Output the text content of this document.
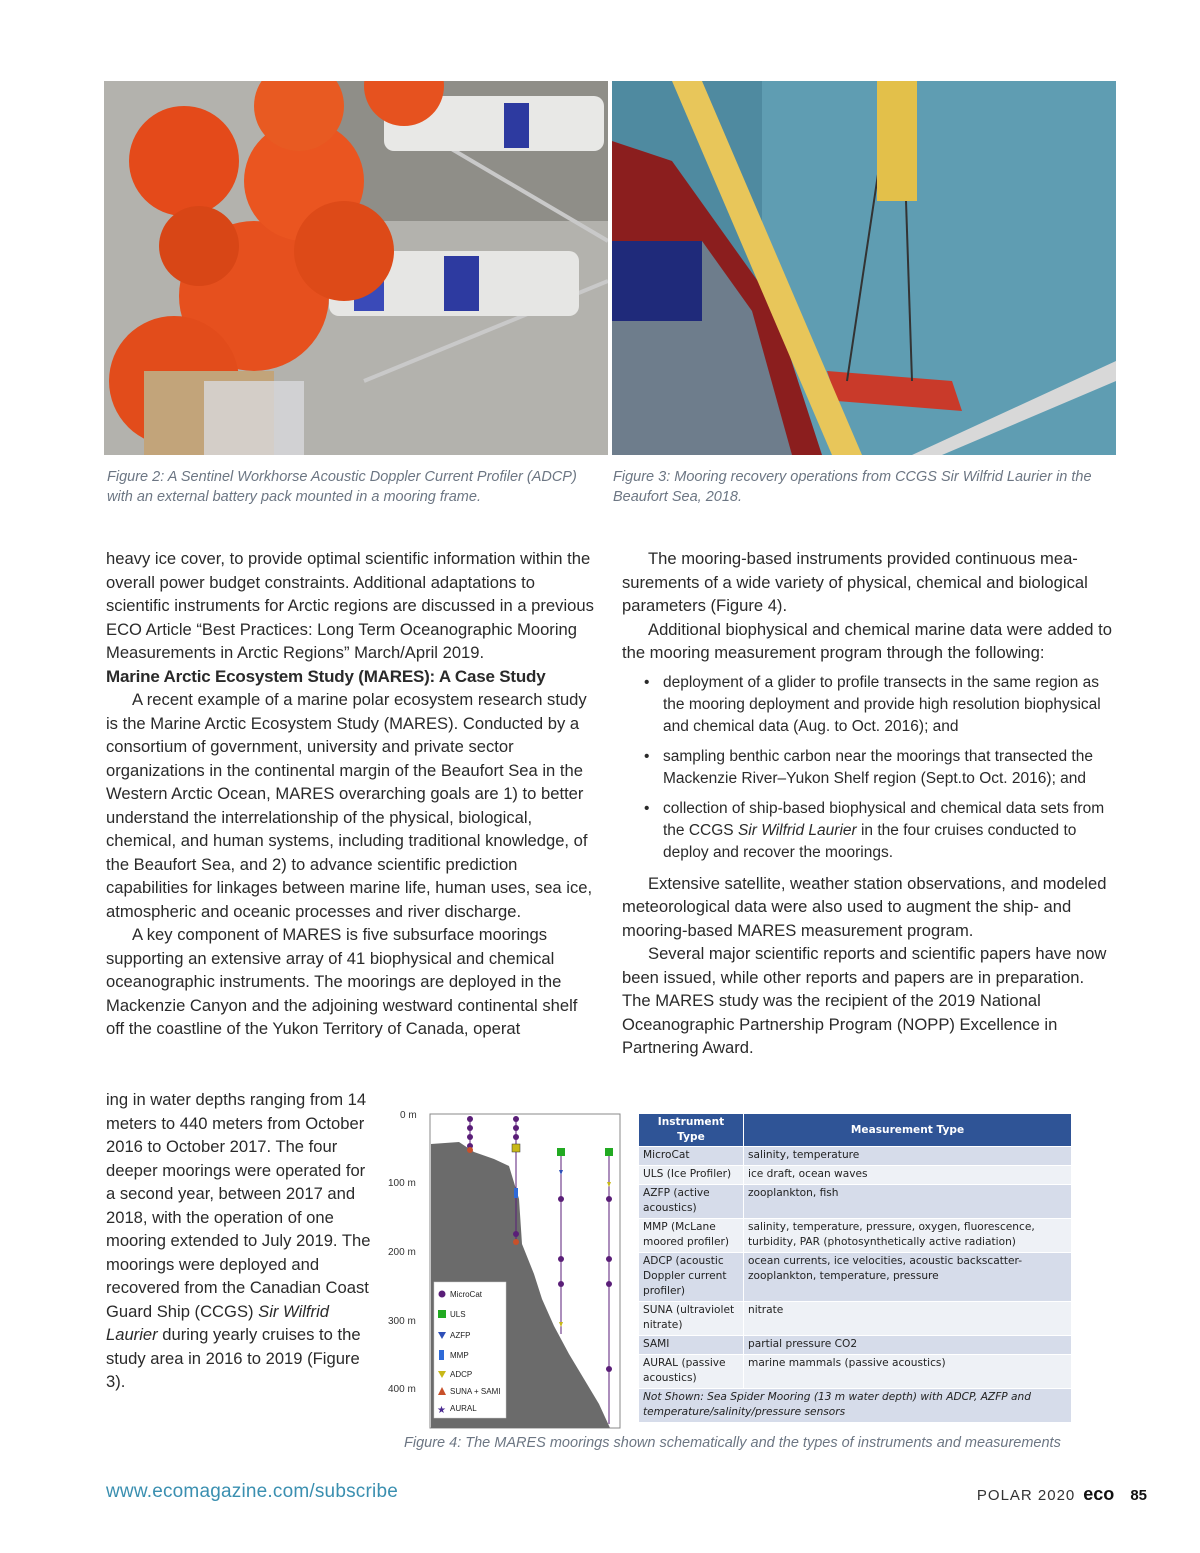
Figure 2: A Sentinel Workhorse Acoustic Doppler Current Profiler (ADCP) with an external battery pack mounted in a mooring frame.
Figure 3: Mooring recovery operations from CCGS Sir Wilfrid Laurier in the Beaufort Sea, 2018.

heavy ice cover, to provide optimal scientific information within the overall power budget constraints. Additional adaptations to scientific instruments for Arctic regions are discussed in a previous ECO Article “Best Practices: Long Term Oceanographic Mooring Measurements in Arctic Regions” March/April 2019.

Marine Arctic Ecosystem Study (MARES): A Case Study

A recent example of a marine polar ecosystem research study is the Marine Arctic Ecosystem Study (MARES). Conducted by a consortium of government, university and private sector organizations in the continental margin of the Beaufort Sea in the Western Arctic Ocean, MARES overarching goals are 1) to better understand the interrelationship of the physical, biological, chemical, and human systems, including traditional knowledge, of the Beaufort Sea, and 2) to advance scientific prediction capabilities for linkages between marine life, human uses, sea ice, atmospheric and oceanic processes and river discharge.

A key component of MARES is five subsurface moorings supporting an extensive array of 41 biophysical and chemical oceanographic instruments. The moorings are deployed in the Mackenzie Canyon and the adjoining westward continental shelf off the coastline of the Yukon Territory of Canada, operat

ing in water depths ranging from 14 meters to 440 meters from October 2016 to October 2017. The four deeper moorings were operated for a second year, between 2017 and 2018, with the operation of one mooring extended to July 2019. The moorings were deployed and recovered from the Canadian Coast Guard Ship (CCGS) Sir Wilfrid Laurier during yearly cruises to the study area in 2016 to 2019 (Figure 3).

The mooring-based instruments provided continuous measurements of a wide variety of physical, chemical and biological parameters (Figure 4).

Additional biophysical and chemical marine data were added to the mooring measurement program through the following:

• deployment of a glider to profile transects in the same region as the mooring deployment and provide high resolution biophysical and chemical data (Aug. to Oct. 2016); and
• sampling benthic carbon near the moorings that transected the Mackenzie River–Yukon Shelf region (Sept.to Oct. 2016); and
• collection of ship-based biophysical and chemical data sets from the CCGS Sir Wilfrid Laurier in the four cruises conducted to deploy and recover the moorings.

Extensive satellite, weather station observations, and modeled meteorological data were also used to augment the ship- and mooring-based MARES measurement program.

Several major scientific reports and scientific papers have now been issued, while other reports and papers are in preparation. The MARES study was the recipient of the 2019 National Oceanographic Partnership Program (NOPP) Excellence in Partnering Award.

0 m
100 m
200 m
300 m
400 m
MicroCat
ULS
AZFP
MMP
ADCP
SUNA + SAMI
★ AURAL
Instrument Type	Measurement Type
MicroCat	salinity, temperature
ULS (Ice Profiler)	ice draft, ocean waves
AZFP (active acoustics)	zooplankton, fish
MMP (McLane moored profiler)	salinity, temperature, pressure, oxygen, fluorescence, turbidity, PAR (photosynthetically active radiation)
ADCP (acoustic Doppler current profiler)	ocean currents, ice velocities, acoustic backscatter-zooplankton, temperature, pressure
SUNA (ultraviolet nitrate)	nitrate
SAMI	partial pressure CO2
AURAL (passive acoustics)	marine mammals (passive acoustics)
Not Shown: Sea Spider Mooring (13 m water depth) with ADCP, AZFP and temperature/salinity/pressure sensors	
Figure 4: The MARES moorings shown schematically and the types of instruments and measurements
www.ecomagazine.com/subscribe	POLAR 2020 eco 85
